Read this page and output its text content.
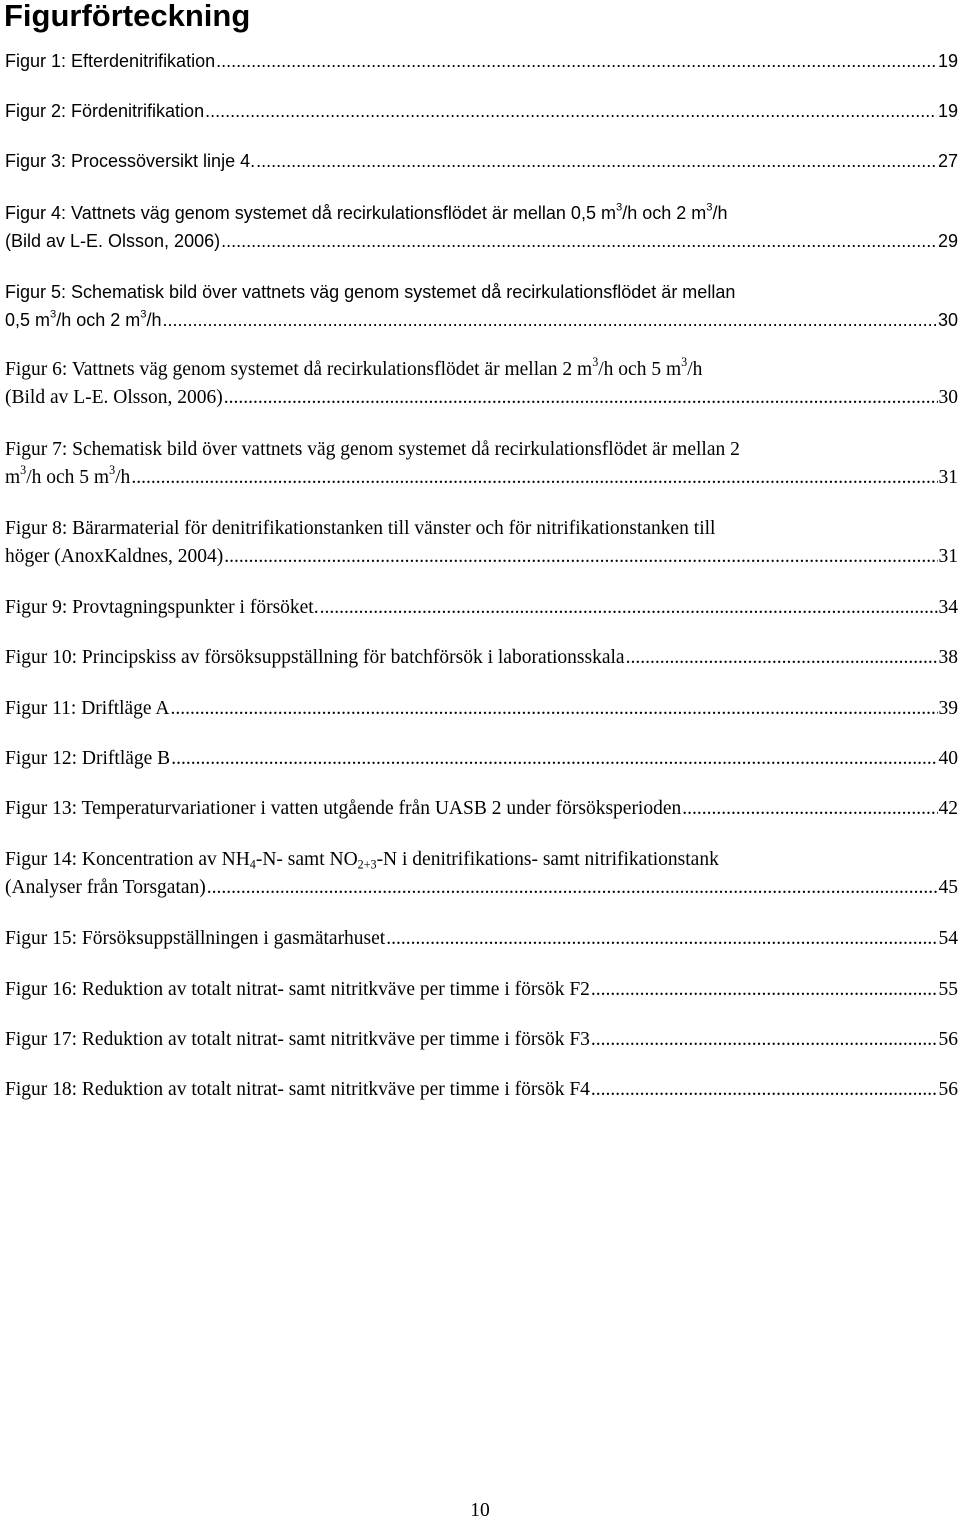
Figurförteckning
Figur 1: Efterdenitrifikation .....	19
Figur 2: Fördenitrifikation .....	19
Figur 3: Processöversikt linje 4. .....	27
Figur 4: Vattnets väg genom systemet då recirkulationsflödet är mellan 0,5 $m^3/h$ och 2 $m^3/h$
(Bild av L-E. Olsson, 2006) .....	29
Figur 5: Schematisk bild över vattnets väg genom systemet då recirkulationsflödet är mellan
0,5 $m^3/h$ och 2 $m^3/h$ .....	30
Figur 6: Vattnets väg genom systemet då recirkulationsflödet är mellan 2 $m^3/h$ och 5 $m^3/h$
(Bild av L-E. Olsson, 2006) .....	30
Figur 7: Schematisk bild över vattnets väg genom systemet då recirkulationsflödet är mellan 2
$m^3/h$ och 5 $m^3/h$ .....	31
Figur 8: Bärarmaterial för denitrifikationstanken till vänster och för nitrifikationstanken till
höger (AnoxKaldnes, 2004) .....	31
Figur 9: Provtagningspunkter i försöket. .....	34
Figur 10: Principskiss av försöksuppställning för batchförsök i laborationsskala .....	38
Figur 11: Driftläge A .....	39
Figur 12: Driftläge B .....	40
Figur 13: Temperaturvariationer i vatten utgående från UASB 2 under försöksperioden .....	42
Figur 14: Koncentration av $NH_4-N-$ samt $NO_{2+3}-N$ i denitrifikations- samt nitrifikationstank
(Analyser från Torsgatan) .....	45
Figur 15: Försöksuppställningen i gasmätarhuset .....	54
Figur 16: Reduktion av totalt nitrat- samt nitritkväve per timme i försök F2 .....	55
Figur 17: Reduktion av totalt nitrat- samt nitritkväve per timme i försök F3 .....	56
Figur 18: Reduktion av totalt nitrat- samt nitritkväve per timme i försök F4 .....	56
10
